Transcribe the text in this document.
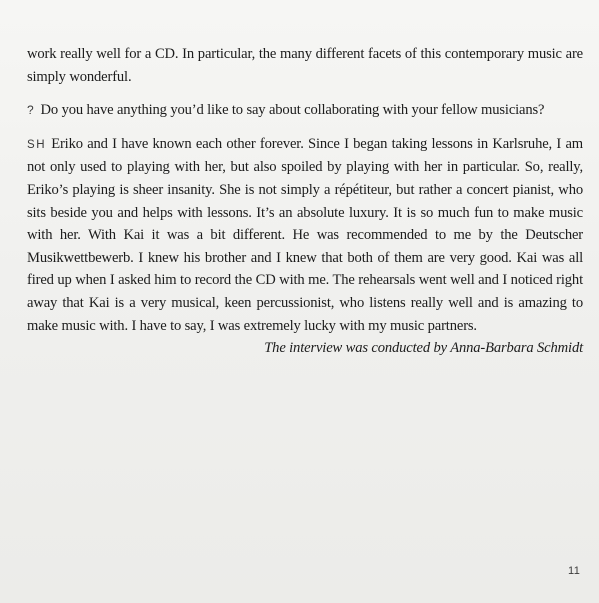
work really well for a CD. In particular, the many different facets of this contemporary music are simply wonderful.

? Do you have anything you’d like to say about collaborating with your fellow musicians?

SH Eriko and I have known each other forever. Since I began taking lessons in Karlsruhe, I am not only used to playing with her, but also spoiled by playing with her in particular. So, really, Eriko’s playing is sheer insanity. She is not simply a répétiteur, but rather a concert pianist, who sits beside you and helps with lessons. It’s an absolute luxury. It is so much fun to make music with her. With Kai it was a bit different. He was recommended to me by the Deutscher Musikwettbewerb. I knew his brother and I knew that both of them are very good. Kai was all fired up when I asked him to record the CD with me. The rehearsals went well and I noticed right away that Kai is a very musical, keen percussionist, who listens really well and is amazing to make music with. I have to say, I was extremely lucky with my music partners.

The interview was conducted by Anna-Barbara Schmidt

11
